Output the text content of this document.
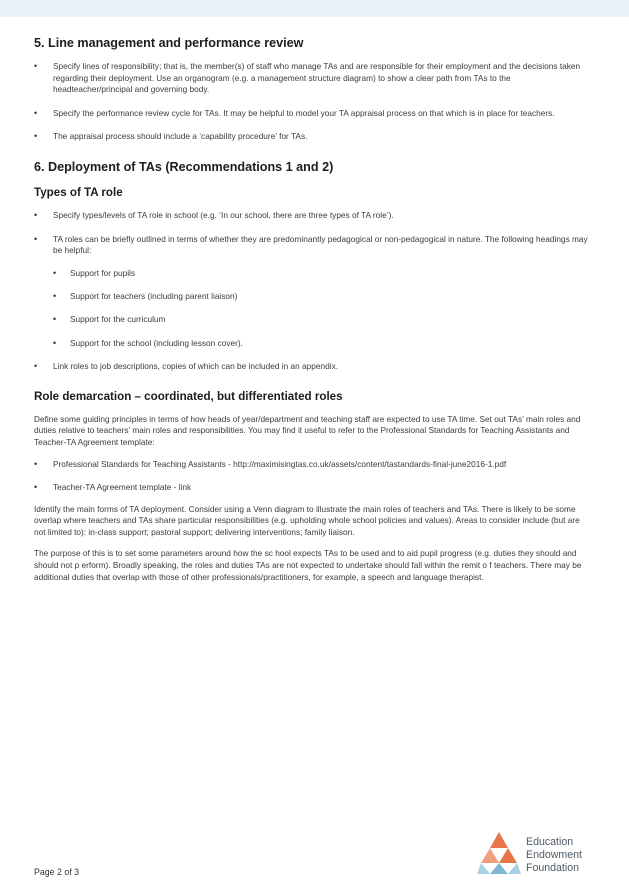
5. Line management and performance review
• Specify lines of responsibility; that is, the member(s) of staff who manage TAs and are responsible for their employment and the decisions taken regarding their deployment. Use an organogram (e.g. a management structure diagram) to show a clear path from TAs to the headteacher/principal and governing body.
• Specify the performance review cycle for TAs. It may be helpful to model your TA appraisal process on that which is in place for teachers.
• The appraisal process should include a ‘capability procedure’ for TAs.
6. Deployment of TAs (Recommendations 1 and 2)
Types of TA role
• Specify types/levels of TA role in school (e.g. ‘In our school, there are three types of TA role’).
• TA roles can be briefly outlined in terms of whether they are predominantly pedagogical or non-pedagogical in nature. The following headings may be helpful:
• Support for pupils
• Support for teachers (including parent liaison)
• Support for the curriculum
• Support for the school (including lesson cover).
• Link roles to job descriptions, copies of which can be included in an appendix.
Role demarcation – coordinated, but differentiated roles

Define some guiding principles in terms of how heads of year/department and teaching staff are expected to use TA time. Set out TAs’ main roles and duties relative to teachers’ main roles and responsibilities. You may find it useful to refer to the Professional Standards for Teaching Assistants and Teacher-TA Agreement template:

• Professional Standards for Teaching Assistants - http://maximisingtas.co.uk/assets/content/tastandards-final-june2016-1.pdf
• Teacher-TA Agreement template - link

Identify the main forms of TA deployment. Consider using a Venn diagram to illustrate the main roles of teachers and TAs. There is likely to be some overlap where teachers and TAs share particular responsibilities (e.g. upholding whole school policies and values). Areas to consider include (but are not limited to): in-class support; pastoral support; delivering interventions; family liaison.

The purpose of this is to set some parameters around how the sc hool expects TAs to be used and to aid pupil progress (e.g. duties they should and should not p erform). Broadly speaking, the roles and duties TAs are not expected to undertake should fall within the remit o f teachers. There may be additional duties that overlap with those of other professionals/practitioners, for example, a speech and language therapist.

Page 2 of 3
Education
Endowment
Foundation
